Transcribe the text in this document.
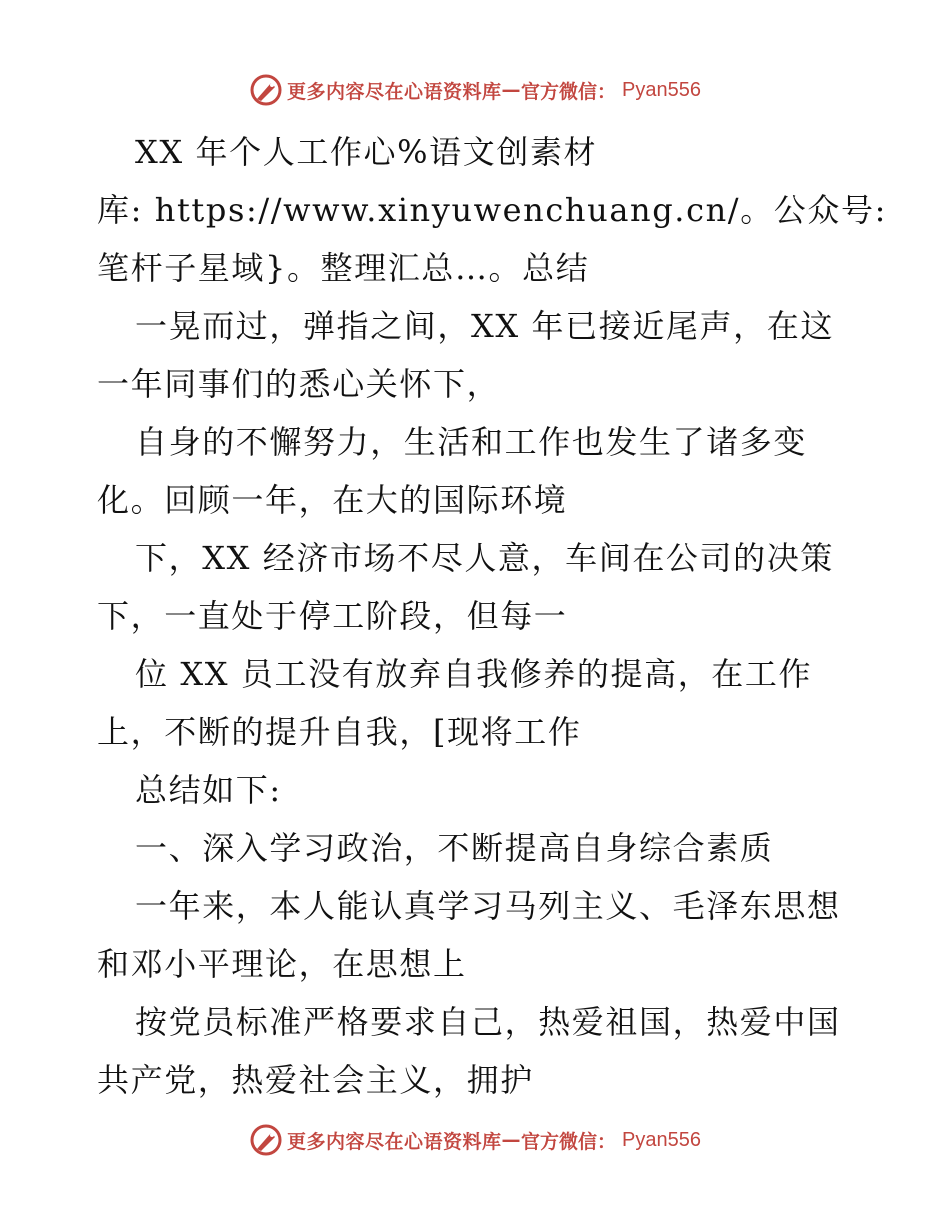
更多内容尽在心语资料库 — 官方微信： Pyan556
XX 年个人工作心%语文创素材
库: https://www.xinyuwenchuang.cn/。公众号:
笔杆子星域}。整理汇总…。总结
一晃而过，弹指之间，XX 年已接近尾声，在这
一年同事们的悉心关怀下，
自身的不懈努力，生活和工作也发生了诸多变
化。回顾一年，在大的国际环境
下，XX 经济市场不尽人意，车间在公司的决策
下，一直处于停工阶段，但每一
位 XX 员工没有放弃自我修养的提高，在工作
上，不断的提升自我，[现将工作
总结如下:
一、深入学习政治，不断提高自身综合素质
一年来，本人能认真学习马列主义、毛泽东思想
和邓小平理论，在思想上
按党员标准严格要求自己，热爱祖国，热爱中国
共产党，热爱社会主义，拥护
更多内容尽在心语资料库 — 官方微信： Pyan556
